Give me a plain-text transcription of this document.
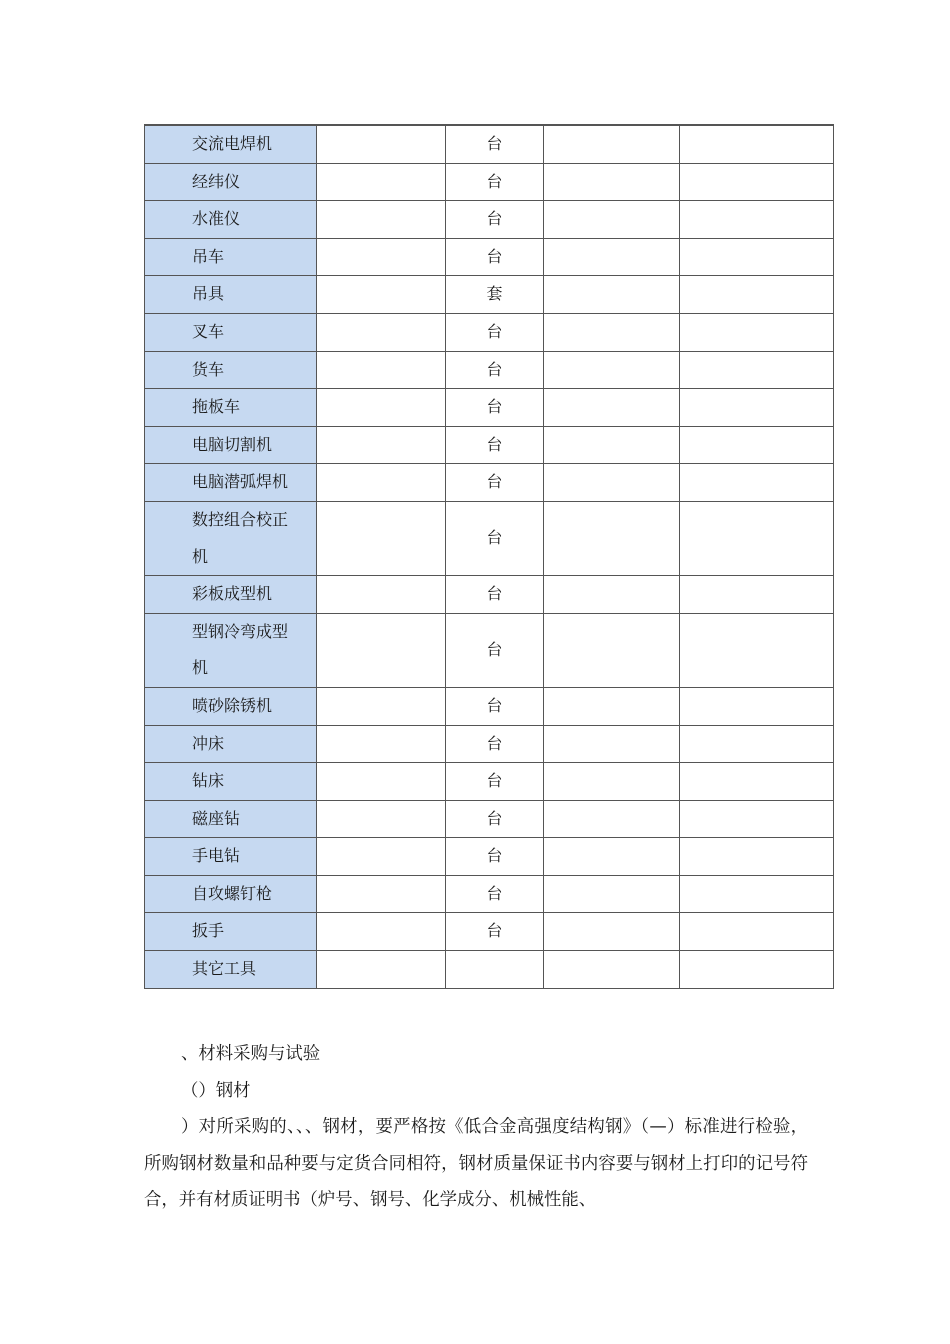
交流电焊机		台		
经纬仪		台		
水准仪		台		
吊车		台		
吊具		套		
叉车		台		
货车		台		
拖板车		台		
电脑切割机		台		
电脑潜弧焊机		台		
数控组合校正机		台		
彩板成型机		台		
型钢冷弯成型机		台		
喷砂除锈机		台		
冲床		台		
钻床		台		
磁座钻		台		
手电钻		台		
自攻螺钉枪		台		
扳手		台		
其它工具				

、材料采购与试验

（）钢材

）对所采购的、、、钢材，要严格按《低合金高强度结构钢》（—）标准进行检验，所购钢材数量和品种要与定货合同相符，钢材质量保证书内容要与钢材上打印的记号符合，并有材质证明书（炉号、钢号、化学成分、机械性能、
